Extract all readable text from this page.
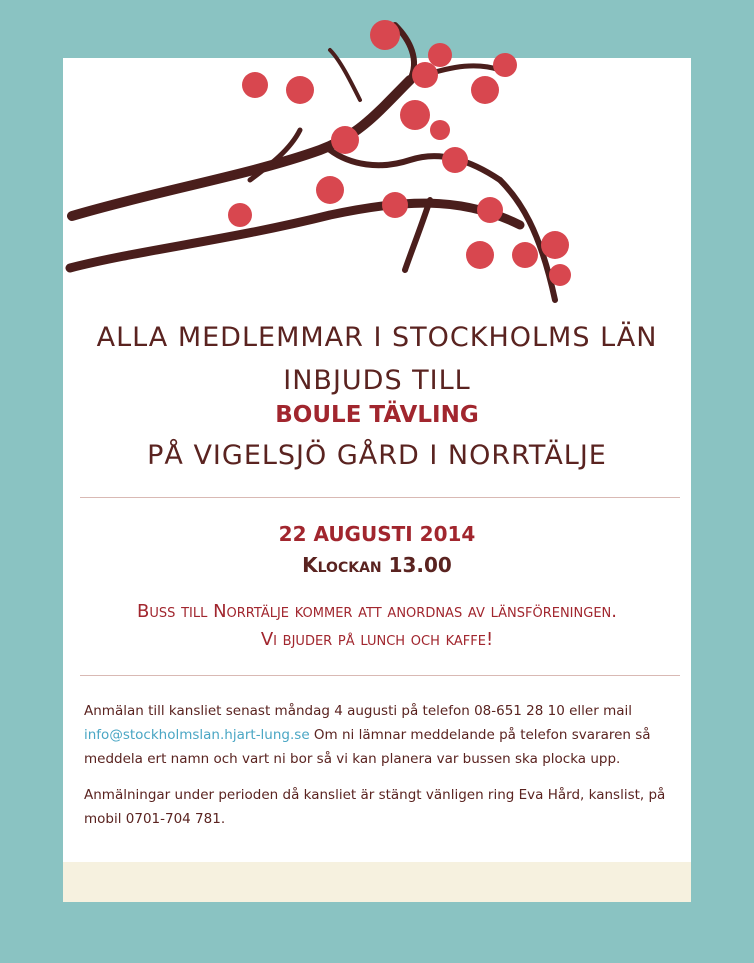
ALLA MEDLEMMAR I STOCKHOLMS LÄN
INBJUDS TILL
BOULE TÄVLING
PÅ VIGELSJÖ GÅRD I NORRTÄLJE
22 AUGUSTI 2014
Klockan 13.00
Buss till Norrtälje kommer att anordnas av länsföreningen.
Vi bjuder på lunch och kaffe!
Anmälan till kansliet senast måndag 4 augusti på telefon 08-651 28 10 eller mail info@stockholmslan.hjart-lung.se Om ni lämnar meddelande på telefon svararen så meddela ert namn och vart ni bor så vi kan planera var bussen ska plocka upp.
Anmälningar under perioden då kansliet är stängt vänligen ring Eva Hård, kanslist, på mobil 0701-704 781.
